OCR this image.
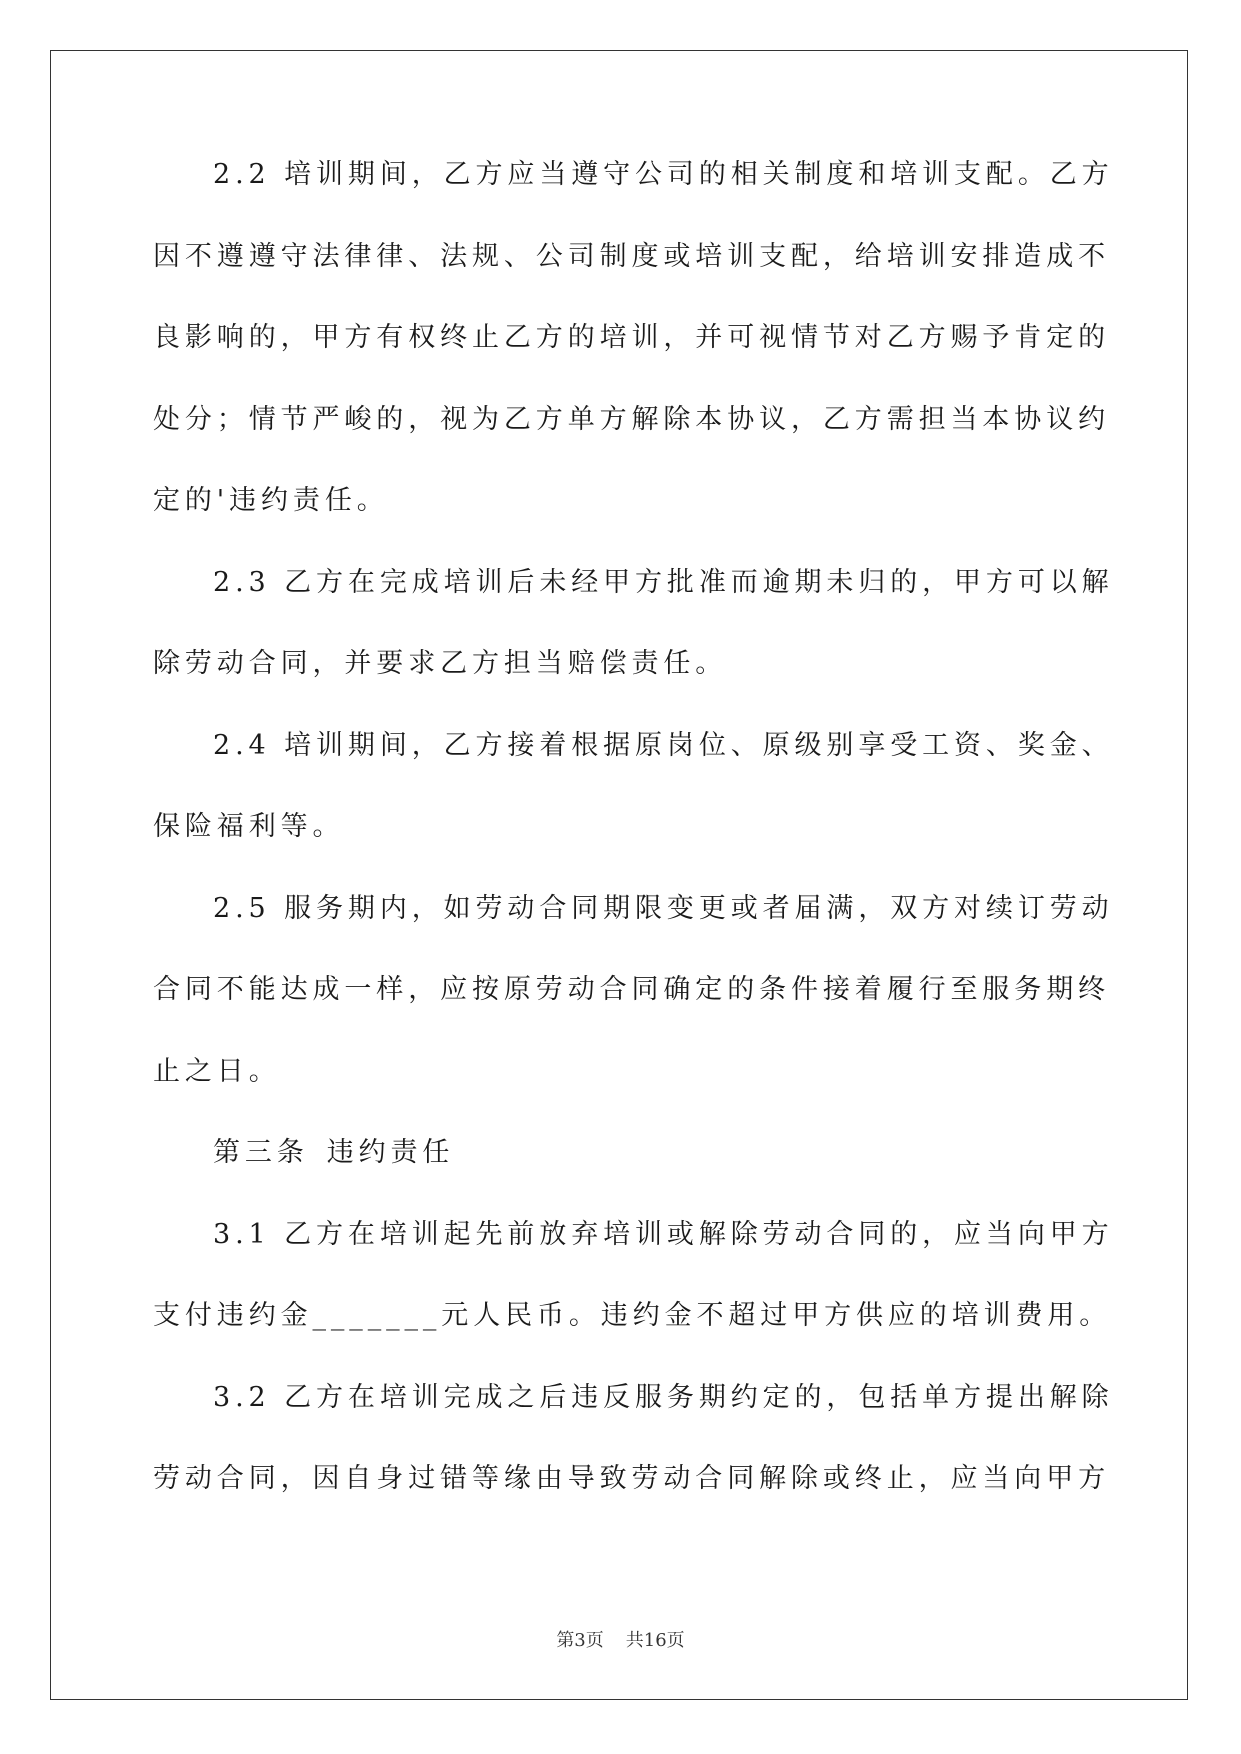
2.2 培训期间，乙方应当遵守公司的相关制度和培训支配。乙方
因不遵遵守法律律、法规、公司制度或培训支配，给培训安排造成不
良影响的，甲方有权终止乙方的培训，并可视情节对乙方赐予肯定的
处分；情节严峻的，视为乙方单方解除本协议，乙方需担当本协议约
定的'违约责任。
2.3 乙方在完成培训后未经甲方批准而逾期未归的，甲方可以解
除劳动合同，并要求乙方担当赔偿责任。
2.4 培训期间，乙方接着根据原岗位、原级别享受工资、奖金、
保险福利等。
2.5 服务期内，如劳动合同期限变更或者届满，双方对续订劳动
合同不能达成一样，应按原劳动合同确定的条件接着履行至服务期终
止之日。
第三条 违约责任
3.1 乙方在培训起先前放弃培训或解除劳动合同的，应当向甲方
支付违约金_______元人民币。违约金不超过甲方供应的培训费用。
3.2 乙方在培训完成之后违反服务期约定的，包括单方提出解除
劳动合同，因自身过错等缘由导致劳动合同解除或终止，应当向甲方
第3页 共16页
